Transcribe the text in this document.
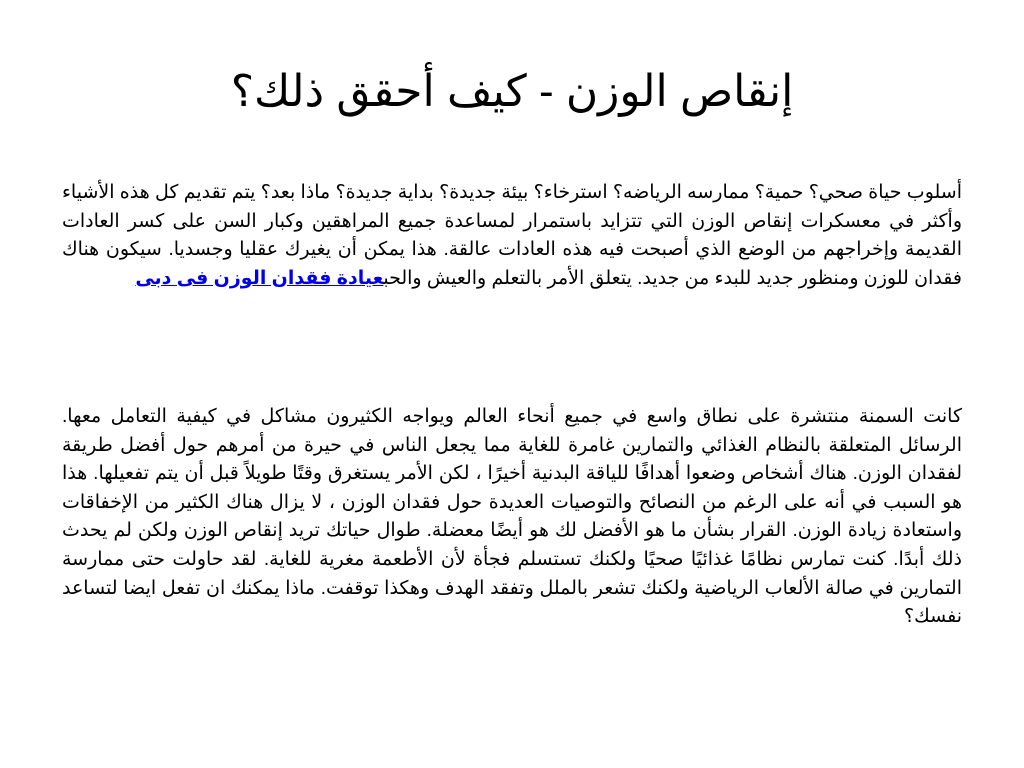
إنقاص الوزن - كيف أحقق ذلك؟

أسلوب حياة صحي؟ حمية؟ ممارسه الرياضه؟ استرخاء؟ بيئة جديدة؟ بداية جديدة؟ ماذا بعد؟ يتم تقديم كل هذه الأشياء وأكثر في معسكرات إنقاص الوزن التي تتزايد باستمرار لمساعدة جميع المراهقين وكبار السن على كسر العادات القديمة وإخراجهم من الوضع الذي أصبحت فيه هذه العادات عالقة. هذا يمكن أن يغيرك عقليا وجسديا. سيكون هناك فقدان للوزن ومنظور جديد للبدء من جديد. يتعلق الأمر بالتعلم والعيش والحبعيادة فقدان الوزن فى دبى

كانت السمنة منتشرة على نطاق واسع في جميع أنحاء العالم ويواجه الكثيرون مشاكل في كيفية التعامل معها. الرسائل المتعلقة بالنظام الغذائي والتمارين غامرة للغاية مما يجعل الناس في حيرة من أمرهم حول أفضل طريقة لفقدان الوزن. هناك أشخاص وضعوا أهدافًا للياقة البدنية أخيرًا ، لكن الأمر يستغرق وقتًا طويلاً قبل أن يتم تفعيلها. هذا هو السبب في أنه على الرغم من النصائح والتوصيات العديدة حول فقدان الوزن ، لا يزال هناك الكثير من الإخفاقات واستعادة زيادة الوزن. القرار بشأن ما هو الأفضل لك هو أيضًا معضلة. طوال حياتك تريد إنقاص الوزن ولكن لم يحدث ذلك أبدًا. كنت تمارس نظامًا غذائيًا صحيًا ولكنك تستسلم فجأة لأن الأطعمة مغرية للغاية. لقد حاولت حتى ممارسة التمارين في صالة الألعاب الرياضية ولكنك تشعر بالملل وتفقد الهدف وهكذا توقفت. ماذا يمكنك ان تفعل ايضا لتساعد نفسك؟
